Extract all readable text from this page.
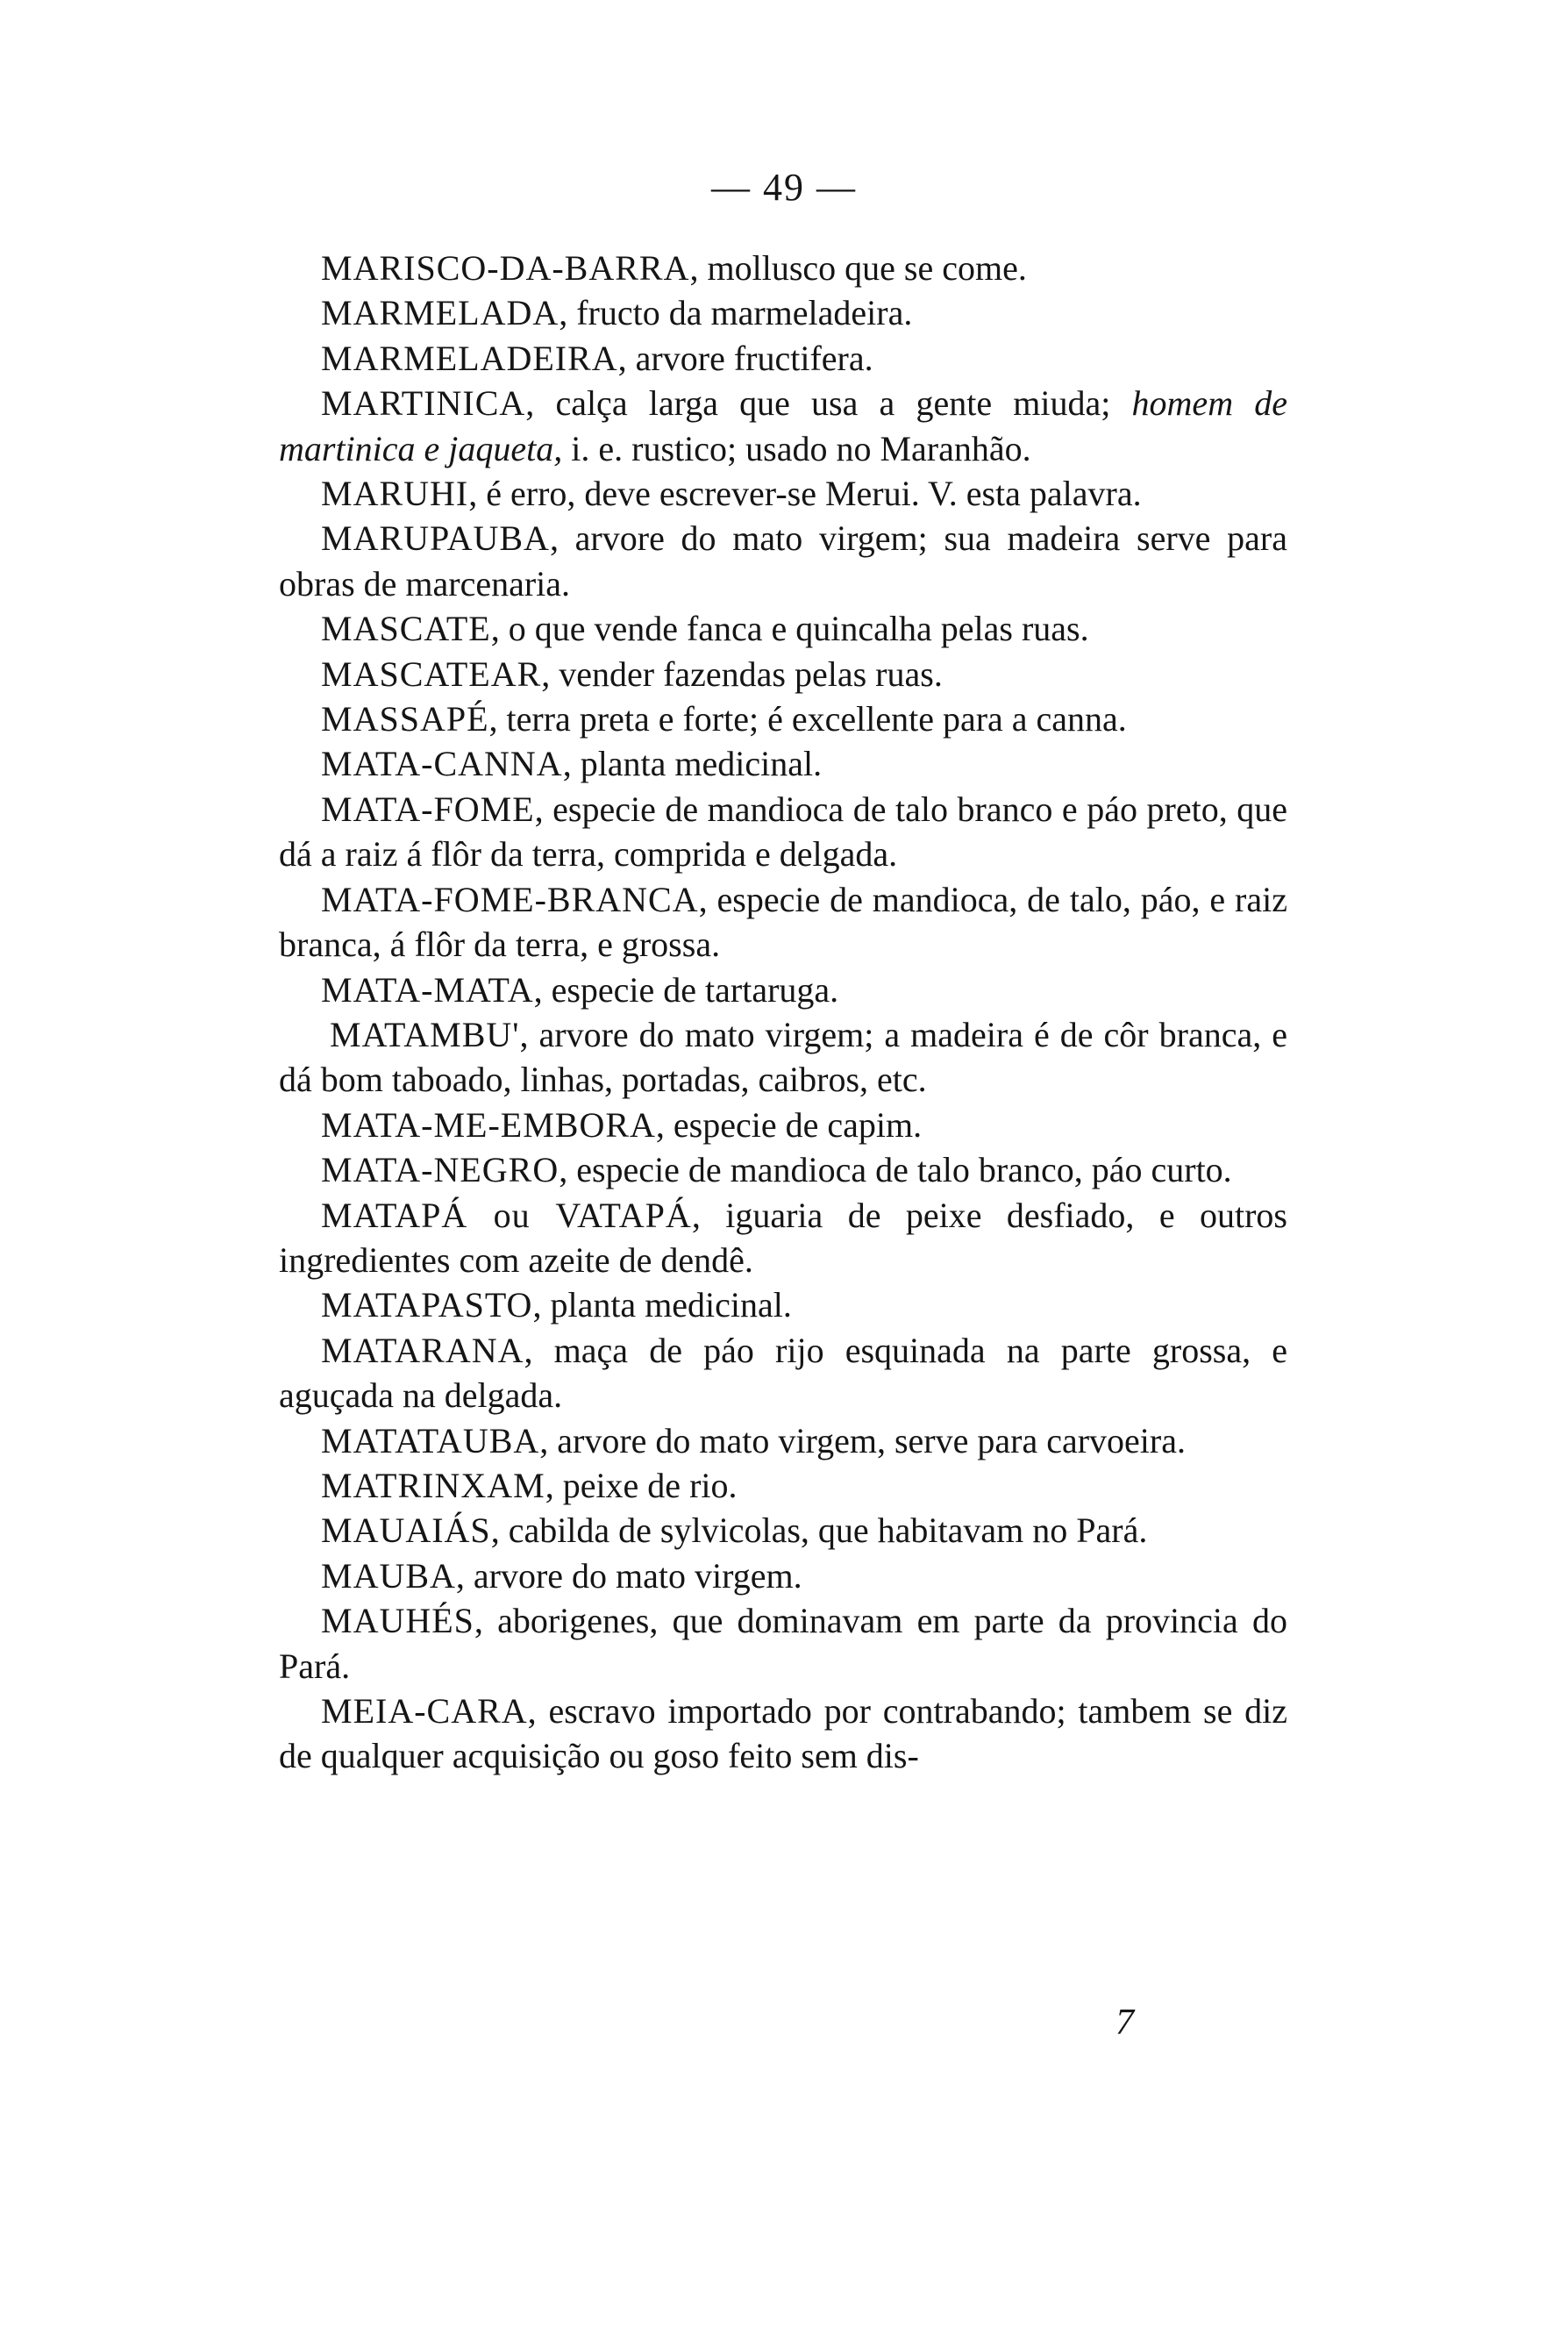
— 49 —

MARISCO-DA-BARRA, mollusco que se come.

MARMELADA, fructo da marmeladeira.

MARMELADEIRA, arvore fructifera.

MARTINICA, calça larga que usa a gente miuda; homem de martinica e jaqueta, i. e. rustico; usado no Maranhão.

MARUHI, é erro, deve escrever-se Merui. V. esta palavra.

MARUPAUBA, arvore do mato virgem; sua madeira serve para obras de marcenaria.

MASCATE, o que vende fanca e quincalha pelas ruas.

MASCATEAR, vender fazendas pelas ruas.

MASSAPÉ, terra preta e forte; é excellente para a canna.

MATA-CANNA, planta medicinal.

MATA-FOME, especie de mandioca de talo branco e páo preto, que dá a raiz á flôr da terra, comprida e delgada.

MATA-FOME-BRANCA, especie de mandioca, de talo, páo, e raiz branca, á flôr da terra, e grossa.

MATA-MATA, especie de tartaruga.

MATAMBU', arvore do mato virgem; a madeira é de côr branca, e dá bom taboado, linhas, portadas, caibros, etc.

MATA-ME-EMBORA, especie de capim.

MATA-NEGRO, especie de mandioca de talo branco, páo curto.

MATAPÁ ou VATAPÁ, iguaria de peixe desfiado, e outros ingredientes com azeite de dendê.

MATAPASTO, planta medicinal.

MATARANA, maça de páo rijo esquinada na parte grossa, e aguçada na delgada.

MATATAUBA, arvore do mato virgem, serve para carvoeira.

MATRINXAM, peixe de rio.

MAUAIÁS, cabilda de sylvicolas, que habitavam no Pará.

MAUBA, arvore do mato virgem.

MAUHÉS, aborigenes, que dominavam em parte da provincia do Pará.

MEIA-CARA, escravo importado por contrabando; tambem se diz de qualquer acquisição ou goso feito sem dis-

7
